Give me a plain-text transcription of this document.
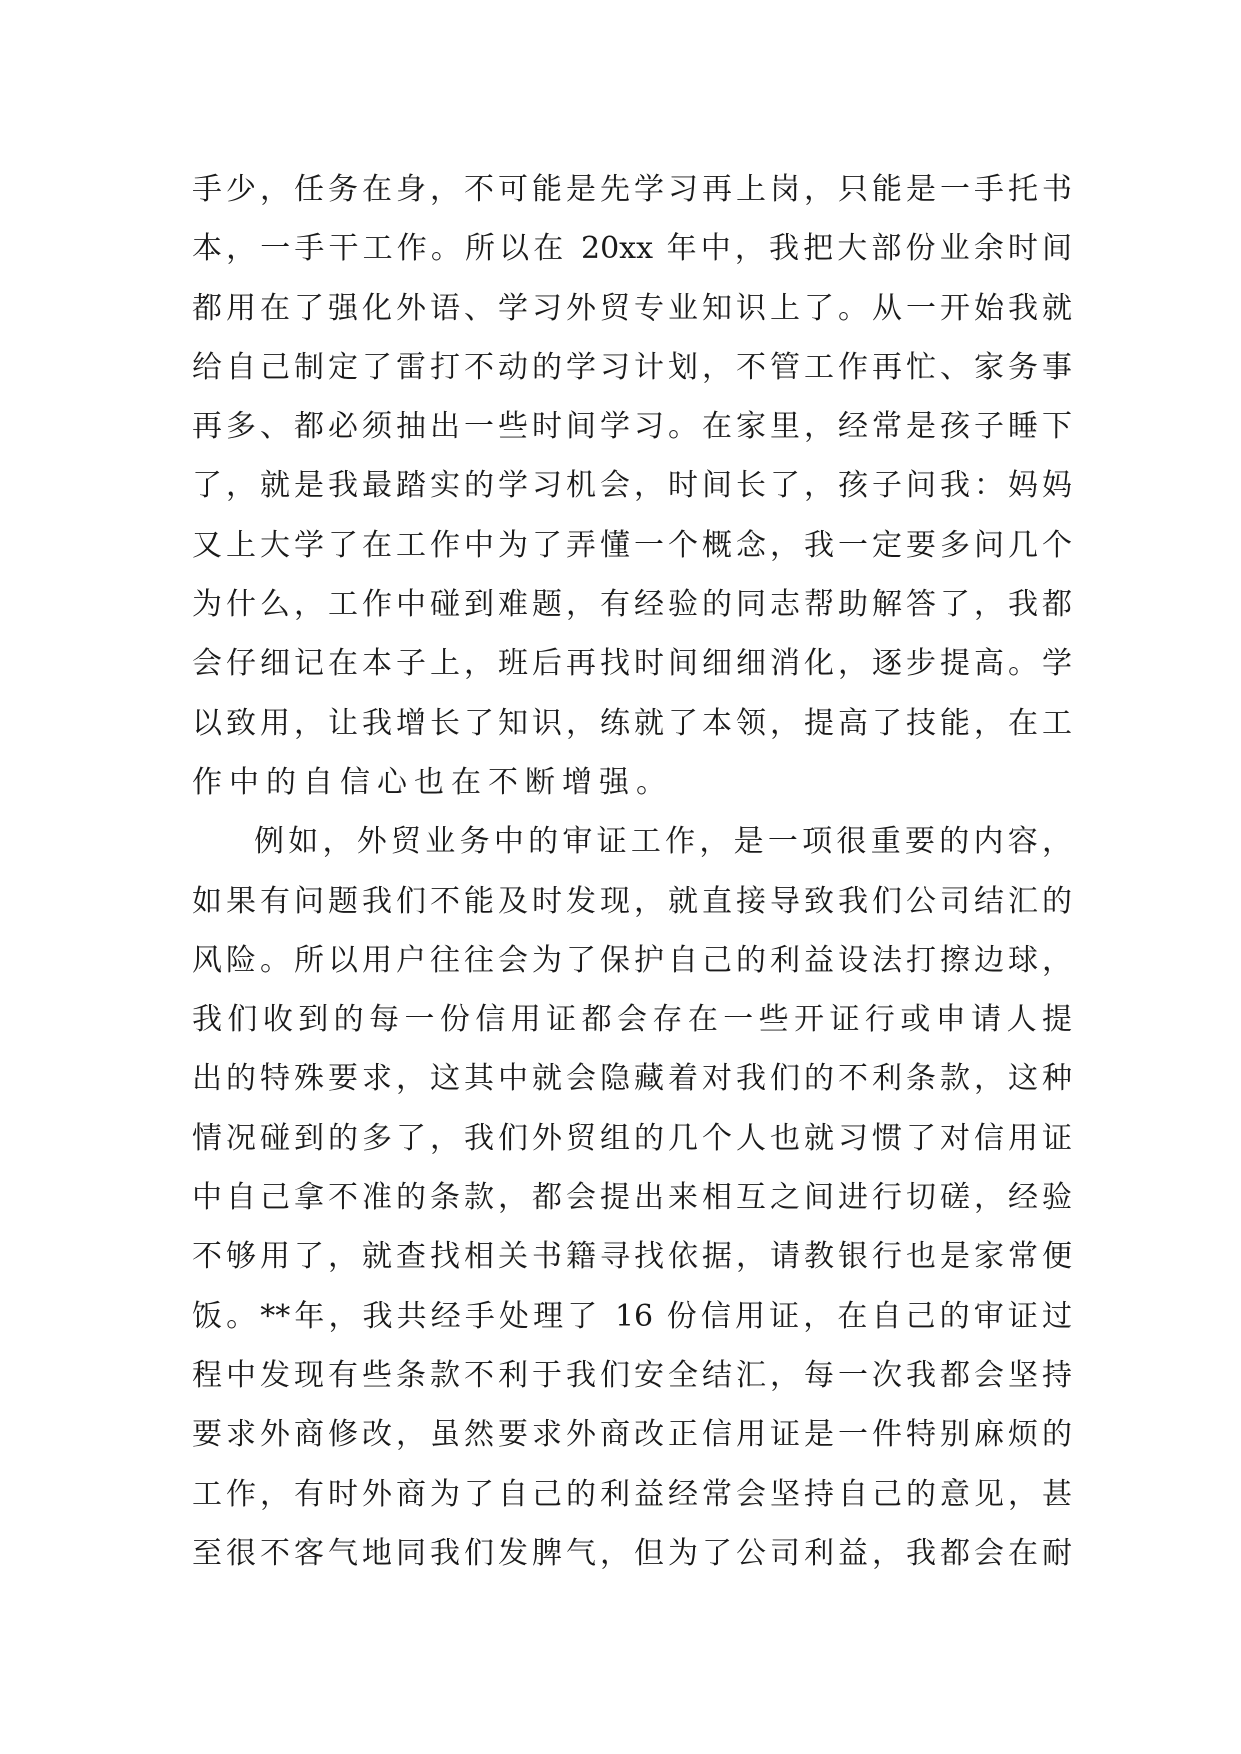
手少，任务在身，不可能是先学习再上岗，只能是一手托书
本，一手干工作。所以在 20xx 年中，我把大部份业余时间
都用在了强化外语、学习外贸专业知识上了。从一开始我就
给自己制定了雷打不动的学习计划，不管工作再忙、家务事
再多、都必须抽出一些时间学习。在家里，经常是孩子睡下
了，就是我最踏实的学习机会，时间长了，孩子问我：妈妈
又上大学了在工作中为了弄懂一个概念，我一定要多问几个
为什么，工作中碰到难题，有经验的同志帮助解答了，我都
会仔细记在本子上，班后再找时间细细消化，逐步提高。学
以致用，让我增长了知识，练就了本领，提高了技能，在工
作中的自信心也在不断增强。
例如，外贸业务中的审证工作，是一项很重要的内容，
如果有问题我们不能及时发现，就直接导致我们公司结汇的
风险。所以用户往往会为了保护自己的利益设法打擦边球，
我们收到的每一份信用证都会存在一些开证行或申请人提
出的特殊要求，这其中就会隐藏着对我们的不利条款，这种
情况碰到的多了，我们外贸组的几个人也就习惯了对信用证
中自己拿不准的条款，都会提出来相互之间进行切磋，经验
不够用了，就查找相关书籍寻找依据，请教银行也是家常便
饭。**年，我共经手处理了 16 份信用证，在自己的审证过
程中发现有些条款不利于我们安全结汇，每一次我都会坚持
要求外商修改，虽然要求外商改正信用证是一件特别麻烦的
工作，有时外商为了自己的利益经常会坚持自己的意见，甚
至很不客气地同我们发脾气，但为了公司利益，我都会在耐
